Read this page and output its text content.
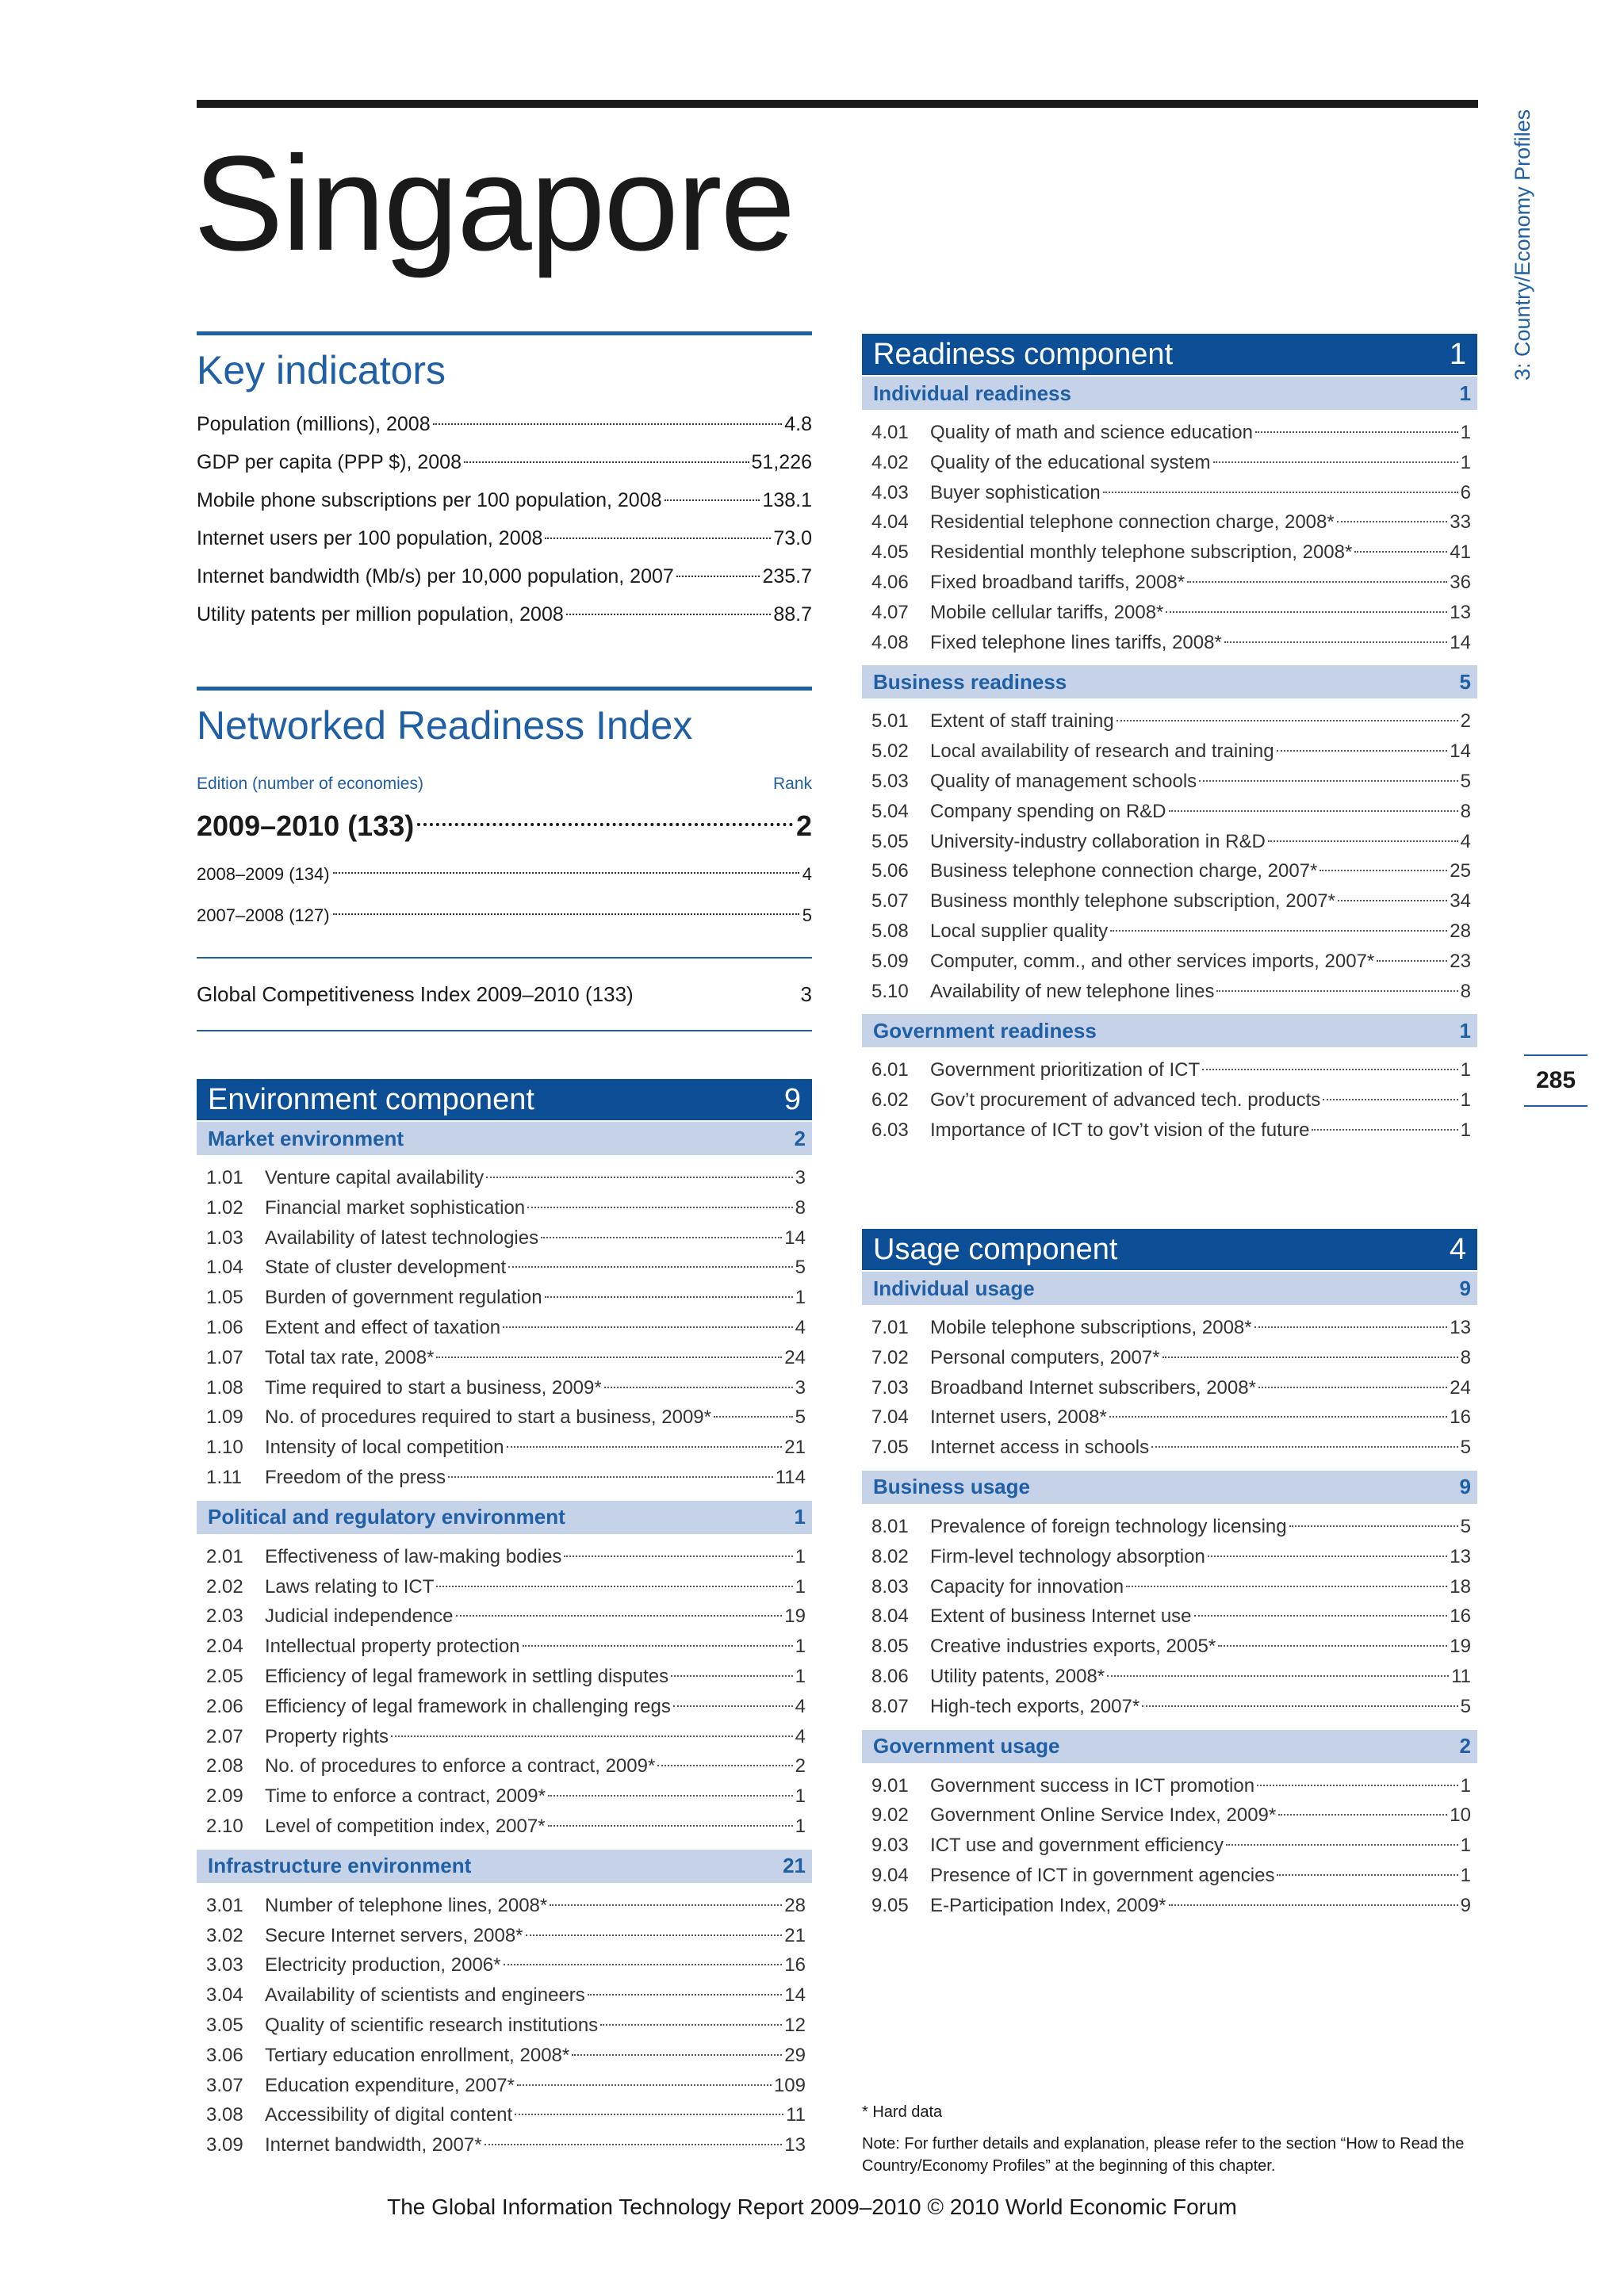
Singapore	3: Country/Economy Profiles
285
Key indicators
Population (millions), 2008	4.8
GDP per capita (PPP $), 2008	51,226
Mobile phone subscriptions per 100 population, 2008	138.1
Internet users per 100 population, 2008	73.0
Internet bandwidth (Mb/s) per 10,000 population, 2007	235.7
Utility patents per million population, 2008	88.7
Networked Readiness Index
Edition (number of economies)	Rank
2009–2010 (133)	2
2008–2009 (134)	4
2007–2008 (127)	5
Global Competitiveness Index 2009–2010 (133)	3
Environment component	9
Market environment	2
1.01	Venture capital availability	3
1.02	Financial market sophistication	8
1.03	Availability of latest technologies	14
1.04	State of cluster development	5
1.05	Burden of government regulation	1
1.06	Extent and effect of taxation	4
1.07	Total tax rate, 2008*	24
1.08	Time required to start a business, 2009*	3
1.09	No. of procedures required to start a business, 2009*	5
1.10	Intensity of local competition	21
1.11	Freedom of the press	114
Political and regulatory environment	1
2.01	Effectiveness of law-making bodies	1
2.02	Laws relating to ICT	1
2.03	Judicial independence	19
2.04	Intellectual property protection	1
2.05	Efficiency of legal framework in settling disputes	1
2.06	Efficiency of legal framework in challenging regs	4
2.07	Property rights	4
2.08	No. of procedures to enforce a contract, 2009*	2
2.09	Time to enforce a contract, 2009*	1
2.10	Level of competition index, 2007*	1
Infrastructure environment	21
3.01	Number of telephone lines, 2008*	28
3.02	Secure Internet servers, 2008*	21
3.03	Electricity production, 2006*	16
3.04	Availability of scientists and engineers	14
3.05	Quality of scientific research institutions	12
3.06	Tertiary education enrollment, 2008*	29
3.07	Education expenditure, 2007*	109
3.08	Accessibility of digital content	11
3.09	Internet bandwidth, 2007*	13
Readiness component	1
Individual readiness	1
4.01	Quality of math and science education	1
4.02	Quality of the educational system	1
4.03	Buyer sophistication	6
4.04	Residential telephone connection charge, 2008*	33
4.05	Residential monthly telephone subscription, 2008*	41
4.06	Fixed broadband tariffs, 2008*	36
4.07	Mobile cellular tariffs, 2008*	13
4.08	Fixed telephone lines tariffs, 2008*	14
Business readiness	5
5.01	Extent of staff training	2
5.02	Local availability of research and training	14
5.03	Quality of management schools	5
5.04	Company spending on R&D	8
5.05	University-industry collaboration in R&D	4
5.06	Business telephone connection charge, 2007*	25
5.07	Business monthly telephone subscription, 2007*	34
5.08	Local supplier quality	28
5.09	Computer, comm., and other services imports, 2007*	23
5.10	Availability of new telephone lines	8
Government readiness	1
6.01	Government prioritization of ICT	1
6.02	Gov’t procurement of advanced tech. products	1
6.03	Importance of ICT to gov’t vision of the future	1
Usage component	4
Individual usage	9
7.01	Mobile telephone subscriptions, 2008*	13
7.02	Personal computers, 2007*	8
7.03	Broadband Internet subscribers, 2008*	24
7.04	Internet users, 2008*	16
7.05	Internet access in schools	5
Business usage	9
8.01	Prevalence of foreign technology licensing	5
8.02	Firm-level technology absorption	13
8.03	Capacity for innovation	18
8.04	Extent of business Internet use	16
8.05	Creative industries exports, 2005*	19
8.06	Utility patents, 2008*	11
8.07	High-tech exports, 2007*	5
Government usage	2
9.01	Government success in ICT promotion	1
9.02	Government Online Service Index, 2009*	10
9.03	ICT use and government efficiency	1
9.04	Presence of ICT in government agencies	1
9.05	E-Participation Index, 2009*	9
* Hard data
Note: For further details and explanation, please refer to the section “How to Read the Country/Economy Profiles” at the beginning of this chapter.
The Global Information Technology Report 2009–2010 © 2010 World Economic Forum
